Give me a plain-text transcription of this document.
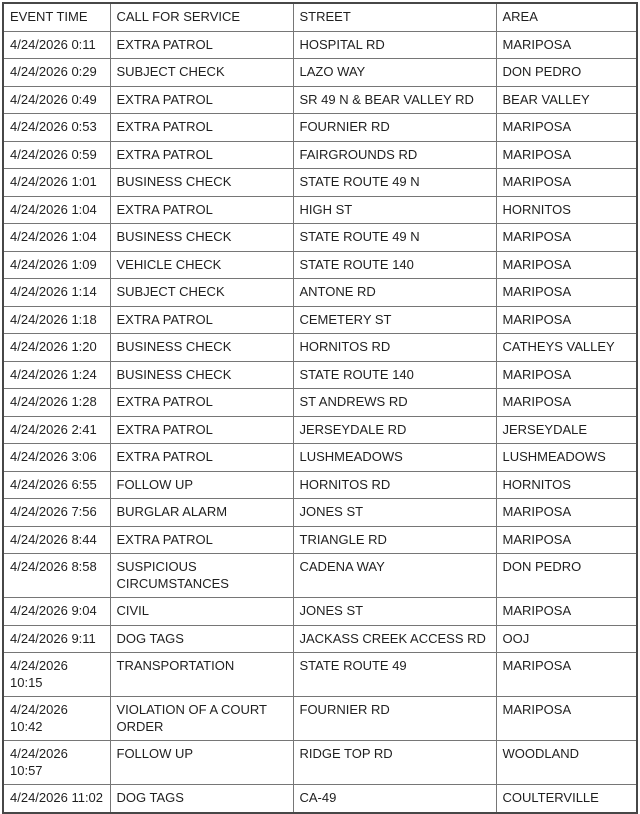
EVENT TIME	CALL FOR SERVICE	STREET	AREA
4/24/2026 0:11	EXTRA PATROL	HOSPITAL RD	MARIPOSA
4/24/2026 0:29	SUBJECT CHECK	LAZO WAY	DON PEDRO
4/24/2026 0:49	EXTRA PATROL	SR 49 N & BEAR VALLEY RD	BEAR VALLEY
4/24/2026 0:53	EXTRA PATROL	FOURNIER RD	MARIPOSA
4/24/2026 0:59	EXTRA PATROL	FAIRGROUNDS RD	MARIPOSA
4/24/2026 1:01	BUSINESS CHECK	STATE ROUTE 49 N	MARIPOSA
4/24/2026 1:04	EXTRA PATROL	HIGH ST	HORNITOS
4/24/2026 1:04	BUSINESS CHECK	STATE ROUTE 49 N	MARIPOSA
4/24/2026 1:09	VEHICLE CHECK	STATE ROUTE 140	MARIPOSA
4/24/2026 1:14	SUBJECT CHECK	ANTONE RD	MARIPOSA
4/24/2026 1:18	EXTRA PATROL	CEMETERY ST	MARIPOSA
4/24/2026 1:20	BUSINESS CHECK	HORNITOS RD	CATHEYS VALLEY
4/24/2026 1:24	BUSINESS CHECK	STATE ROUTE 140	MARIPOSA
4/24/2026 1:28	EXTRA PATROL	ST ANDREWS RD	MARIPOSA
4/24/2026 2:41	EXTRA PATROL	JERSEYDALE RD	JERSEYDALE
4/24/2026 3:06	EXTRA PATROL	LUSHMEADOWS	LUSHMEADOWS
4/24/2026 6:55	FOLLOW UP	HORNITOS RD	HORNITOS
4/24/2026 7:56	BURGLAR ALARM	JONES ST	MARIPOSA
4/24/2026 8:44	EXTRA PATROL	TRIANGLE RD	MARIPOSA
4/24/2026 8:58	SUSPICIOUS CIRCUMSTANCES	CADENA WAY	DON PEDRO
4/24/2026 9:04	CIVIL	JONES ST	MARIPOSA
4/24/2026 9:11	DOG TAGS	JACKASS CREEK ACCESS RD	OOJ
4/24/2026 10:15	TRANSPORTATION	STATE ROUTE 49	MARIPOSA
4/24/2026 10:42	VIOLATION OF A COURT ORDER	FOURNIER RD	MARIPOSA
4/24/2026 10:57	FOLLOW UP	RIDGE TOP RD	WOODLAND
4/24/2026 11:02	DOG TAGS	CA-49	COULTERVILLE
